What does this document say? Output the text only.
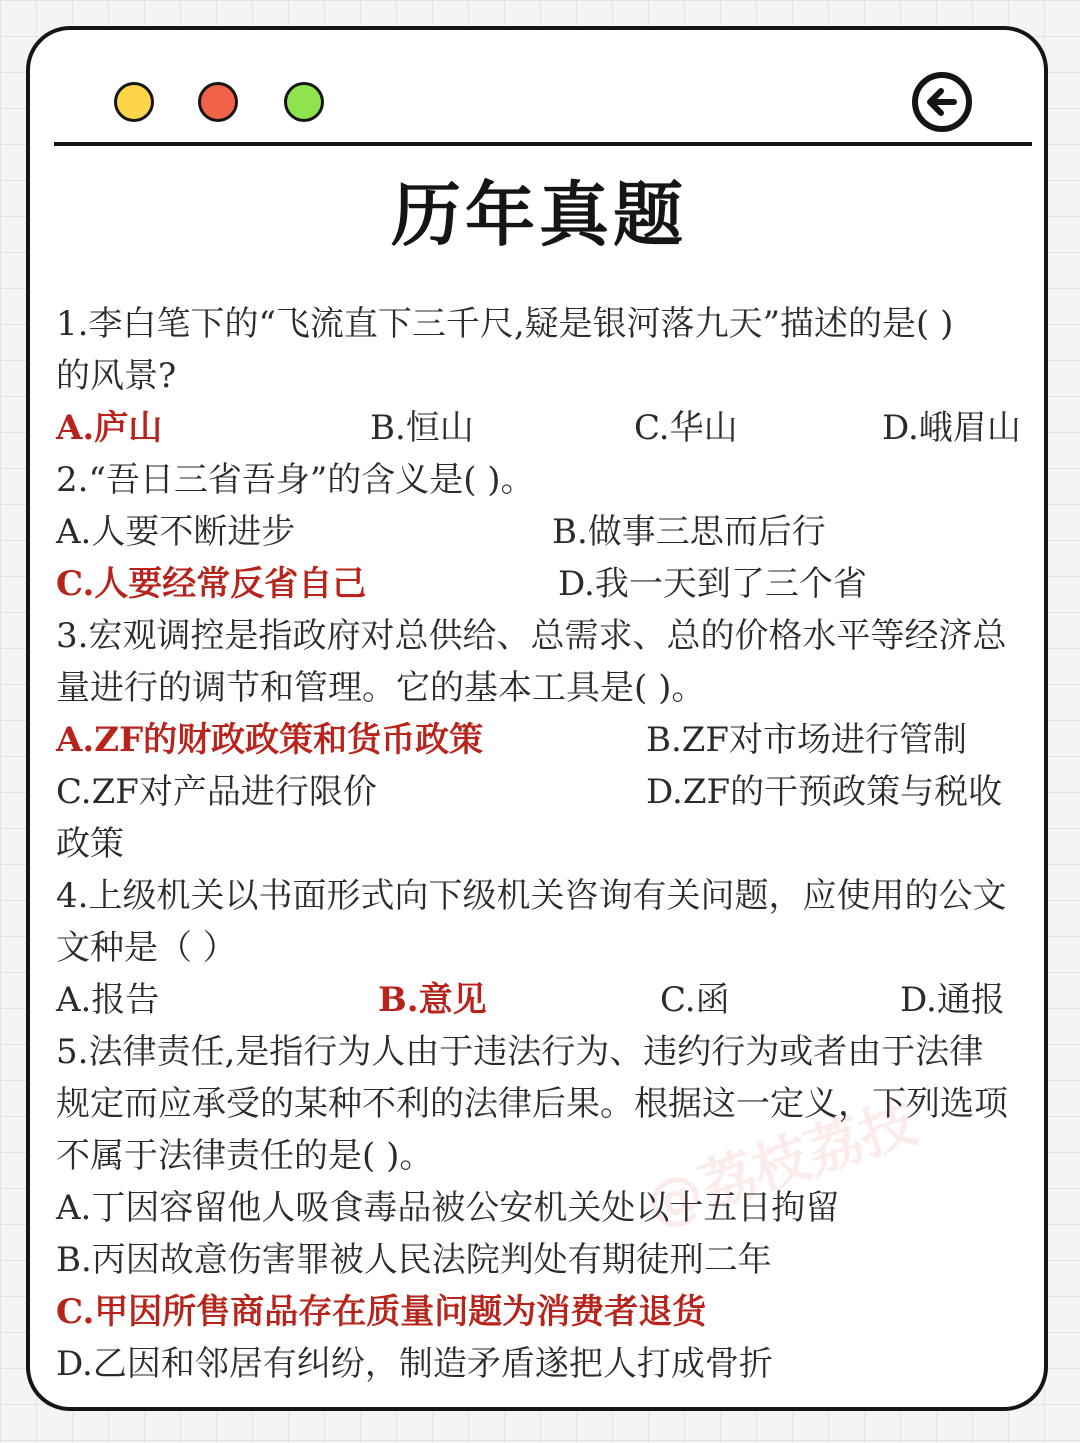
历年真题
1.李白笔下的“飞流直下三千尺,疑是银河落九天”描述的是( )
的风景?
A.庐山	B.恒山	C.华山	D.峨眉山
2.“吾日三省吾身”的含义是( )。
A.人要不断进步	B.做事三思而后行
C.人要经常反省自己	D.我一天到了三个省
3.宏观调控是指政府对总供给、总需求、总的价格水平等经济总
量进行的调节和管理。它的基本工具是( )。
A.ZF的财政政策和货币政策	B.ZF对市场进行管制
C.ZF对产品进行限价	D.ZF的干预政策与税收
政策
4.上级机关以书面形式向下级机关咨询有关问题，应使用的公文
文种是（ ）
A.报告	B.意见	C.函	D.通报
5.法律责任,是指行为人由于违法行为、违约行为或者由于法律
规定而应承受的某种不利的法律后果。根据这一定义，下列选项
不属于法律责任的是( )。
A.丁因容留他人吸食毒品被公安机关处以十五日拘留
B.丙因故意伤害罪被人民法院判处有期徒刑二年
C.甲因所售商品存在质量问题为消费者退货
D.乙因和邻居有纠纷，制造矛盾遂把人打成骨折
@荔枝荔技
